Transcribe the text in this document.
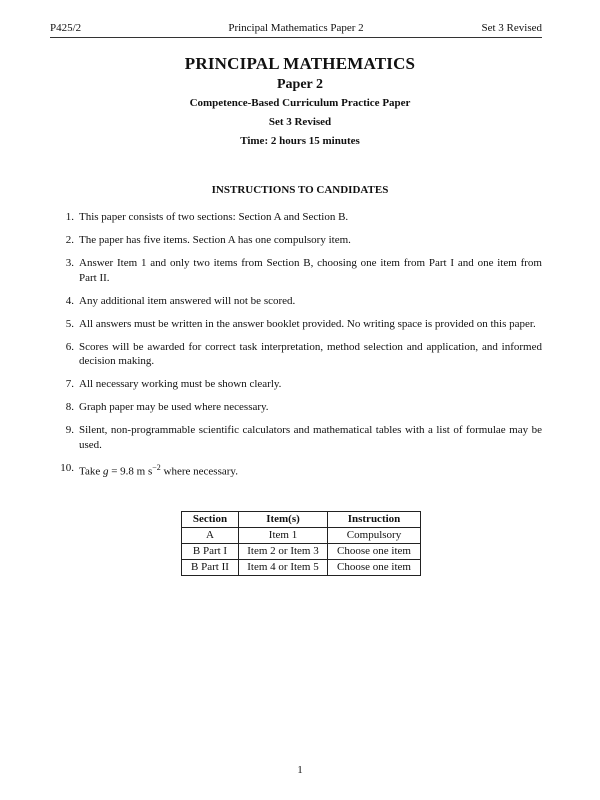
P425/2	Principal Mathematics Paper 2	Set 3 Revised
PRINCIPAL MATHEMATICS
Paper 2
Competence-Based Curriculum Practice Paper
Set 3 Revised
Time: 2 hours 15 minutes
INSTRUCTIONS TO CANDIDATES
1. This paper consists of two sections: Section A and Section B.
2. The paper has five items. Section A has one compulsory item.
3. Answer Item 1 and only two items from Section B, choosing one item from Part I and one item from Part II.
4. Any additional item answered will not be scored.
5. All answers must be written in the answer booklet provided. No writing space is provided on this paper.
6. Scores will be awarded for correct task interpretation, method selection and application, and informed decision making.
7. All necessary working must be shown clearly.
8. Graph paper may be used where necessary.
9. Silent, non-programmable scientific calculators and mathematical tables with a list of formulae may be used.
10. Take g = 9.8 m $s^{-2}$ where necessary.
Section	Item(s)	Instruction
A	Item 1	Compulsory
B Part I	Item 2 or Item 3	Choose one item
B Part II	Item 4 or Item 5	Choose one item
1
